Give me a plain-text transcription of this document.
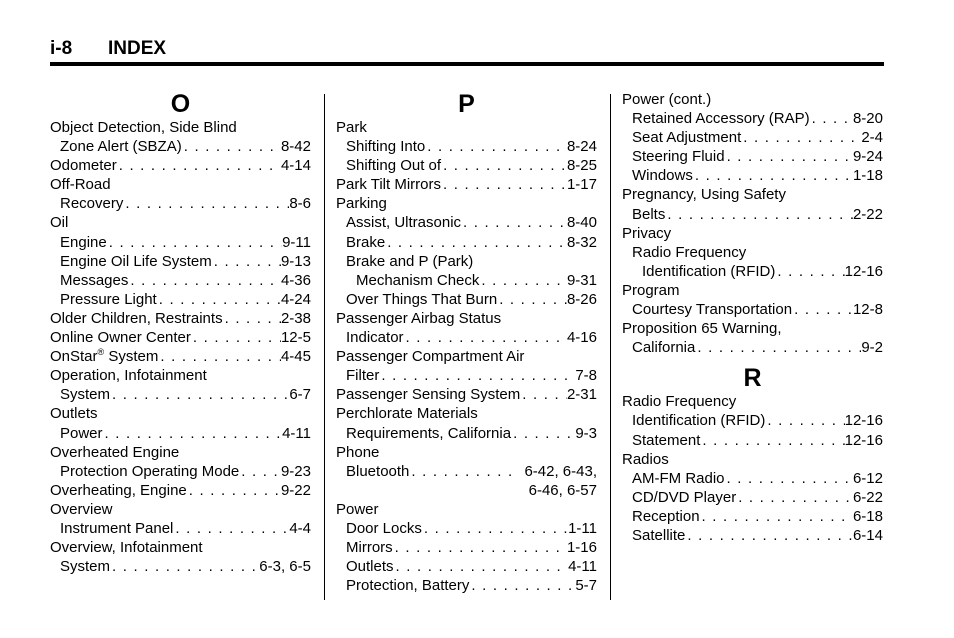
i-8 INDEX
O
Object Detection, Side Blind
Zone Alert (SBZA) . . .	8-42
Odometer . . .	4-14
Off-Road
Recovery . . .	8-6
Oil
Engine . . .	9-11
Engine Oil Life System . . .	9-13
Messages . . .	4-36
Pressure Light . . .	4-24
Older Children, Restraints . . .	2-38
Online Owner Center . . .	12-5
OnStar® System . . .	4-45
Operation, Infotainment
System . . .	6-7
Outlets
Power . . .	4-11
Overheated Engine
Protection Operating Mode . . .	9-23
Overheating, Engine . . .	9-22
Overview
Instrument Panel . . .	4-4
Overview, Infotainment
System . . .	6-3, 6-5
P
Park
Shifting Into . . .	8-24
Shifting Out of . . .	8-25
Park Tilt Mirrors . . .	1-17
Parking
Assist, Ultrasonic . . .	8-40
Brake . . .	8-32
Brake and P (Park)
Mechanism Check . . .	9-31
Over Things That Burn . . .	8-26
Passenger Airbag Status
Indicator . . .	4-16
Passenger Compartment Air
Filter . . .	7-8
Passenger Sensing System . . .	2-31
Perchlorate Materials
Requirements, California . . .	9-3
Phone
Bluetooth . . .	6-42, 6-43,
6-46, 6-57
Power
Door Locks . . .	1-11
Mirrors . . .	1-16
Outlets . . .	4-11
Protection, Battery . . .	5-7
Power (cont.)
Retained Accessory (RAP) . . .	8-20
Seat Adjustment . . .	2-4
Steering Fluid . . .	9-24
Windows . . .	1-18
Pregnancy, Using Safety
Belts . . .	2-22
Privacy
Radio Frequency
Identification (RFID) . . .	12-16
Program
Courtesy Transportation . . .	12-8
Proposition 65 Warning,
California . . .	9-2
R
Radio Frequency
Identification (RFID) . . .	12-16
Statement . . .	12-16
Radios
AM-FM Radio . . .	6-12
CD/DVD Player . . .	6-22
Reception . . .	6-18
Satellite . . .	6-14
